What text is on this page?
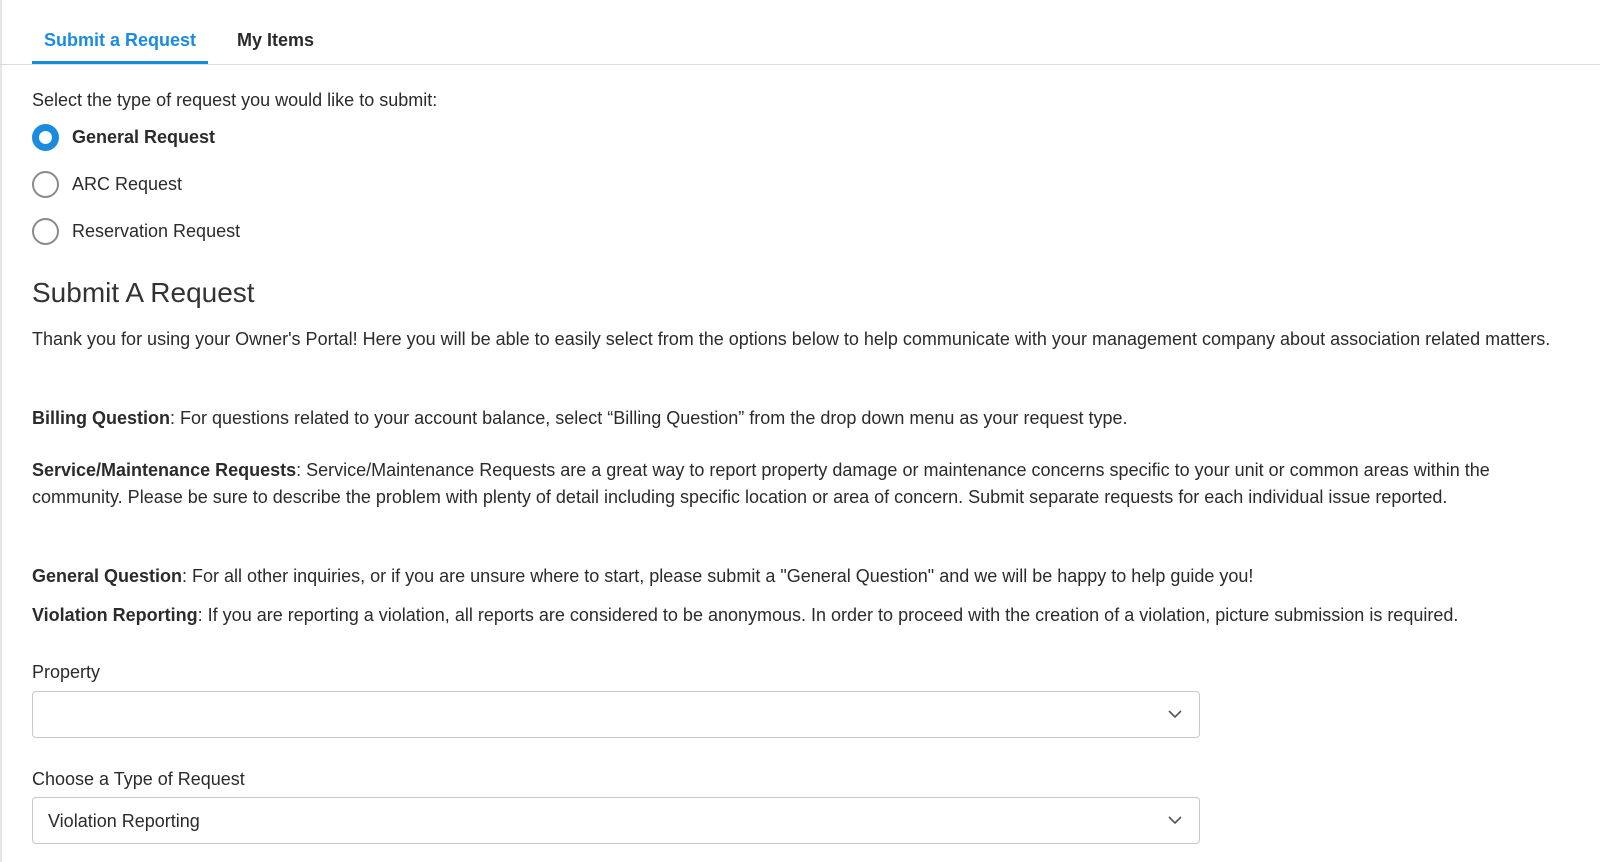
Submit a Request	My Items
Select the type of request you would like to submit:
General Request
ARC Request
Reservation Request
Submit A Request
Thank you for using your Owner's Portal! Here you will be able to easily select from the options below to help communicate with your management company about association related matters.
Billing Question: For questions related to your account balance, select “Billing Question” from the drop down menu as your request type.
Service/Maintenance Requests: Service/Maintenance Requests are a great way to report property damage or maintenance concerns specific to your unit or common areas within the community. Please be sure to describe the problem with plenty of detail including specific location or area of concern. Submit separate requests for each individual issue reported.
General Question: For all other inquiries, or if you are unsure where to start, please submit a "General Question" and we will be happy to help guide you!
Violation Reporting: If you are reporting a violation, all reports are considered to be anonymous. In order to proceed with the creation of a violation, picture submission is required.
Property
Choose a Type of Request
Violation Reporting
